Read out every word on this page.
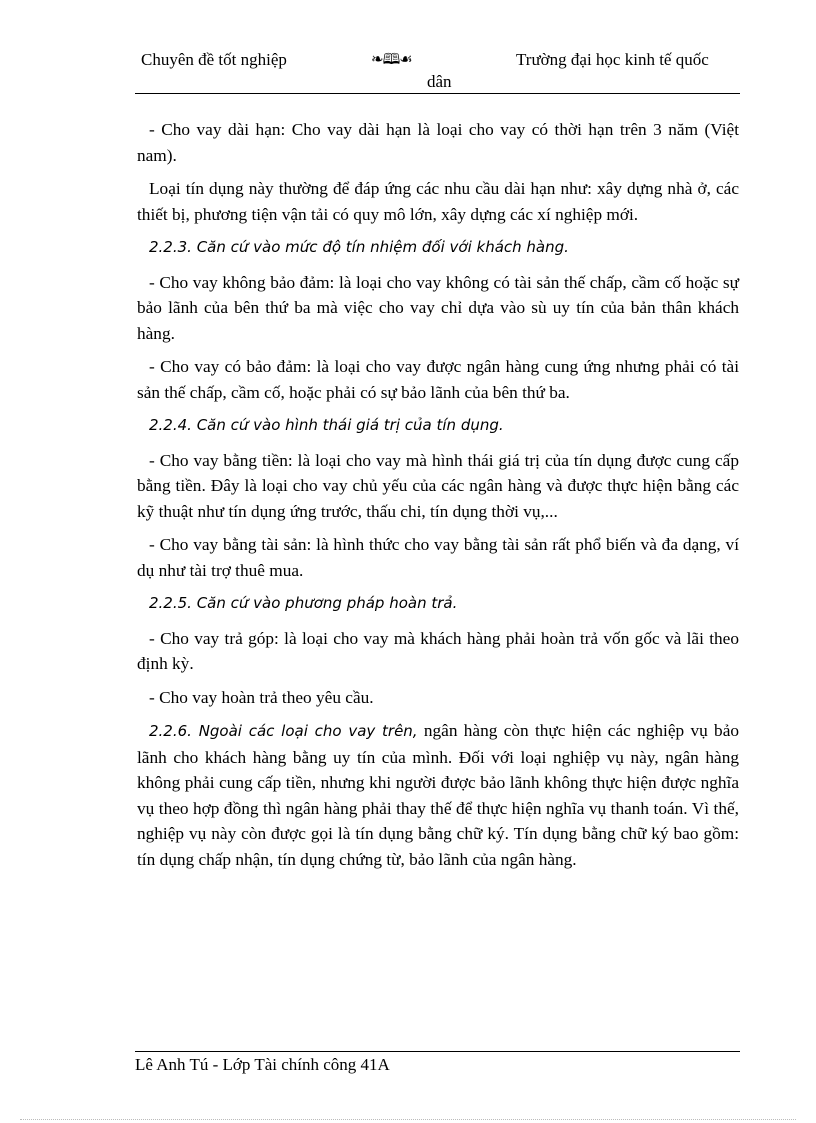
Chuyên đề tốt nghiệp	❧🕮☙	Trường đại học kinh tế quốc
dân

- Cho vay dài hạn: Cho vay dài hạn là loại cho vay có thời hạn trên 3 năm (Việt nam).

Loại tín dụng này thường để đáp ứng các nhu cầu dài hạn như: xây dựng nhà ở, các thiết bị, phương tiện vận tải có quy mô lớn, xây dựng các xí nghiệp mới.

2.2.3. Căn cứ vào mức độ tín nhiệm đối với khách hàng.

- Cho vay không bảo đảm: là loại cho vay không có tài sản thế chấp, cầm cố hoặc sự bảo lãnh của bên thứ ba mà việc cho vay chỉ dựa vào sù uy tín của bản thân khách hàng.

- Cho vay có bảo đảm: là loại cho vay được ngân hàng cung ứng nhưng phải có tài sản thế chấp, cầm cố, hoặc phải có sự bảo lãnh của bên thứ ba.

2.2.4. Căn cứ vào hình thái giá trị của tín dụng.

- Cho vay bằng tiền: là loại cho vay mà hình thái giá trị của tín dụng được cung cấp bằng tiền. Đây là loại cho vay chủ yếu của các ngân hàng và được thực hiện bằng các kỹ thuật như tín dụng ứng trước, thấu chi, tín dụng thời vụ,...

- Cho vay bằng tài sản: là hình thức cho vay bằng tài sản rất phổ biến và đa dạng, ví dụ như tài trợ thuê mua.

2.2.5. Căn cứ vào phương pháp hoàn trả.

- Cho vay trả góp: là loại cho vay mà khách hàng phải hoàn trả vốn gốc và lãi theo định kỳ.

- Cho vay hoàn trả theo yêu cầu.

2.2.6. Ngoài các loại cho vay trên, ngân hàng còn thực hiện các nghiệp vụ bảo lãnh cho khách hàng bằng uy tín của mình. Đối với loại nghiệp vụ này, ngân hàng không phải cung cấp tiền, nhưng khi người được bảo lãnh không thực hiện được nghĩa vụ theo hợp đồng thì ngân hàng phải thay thế để thực hiện nghĩa vụ thanh toán. Vì thế, nghiệp vụ này còn được gọi là tín dụng bằng chữ ký. Tín dụng bằng chữ ký bao gồm: tín dụng chấp nhận, tín dụng chứng từ, bảo lãnh của ngân hàng.

Lê Anh Tú - Lớp Tài chính công 41A
